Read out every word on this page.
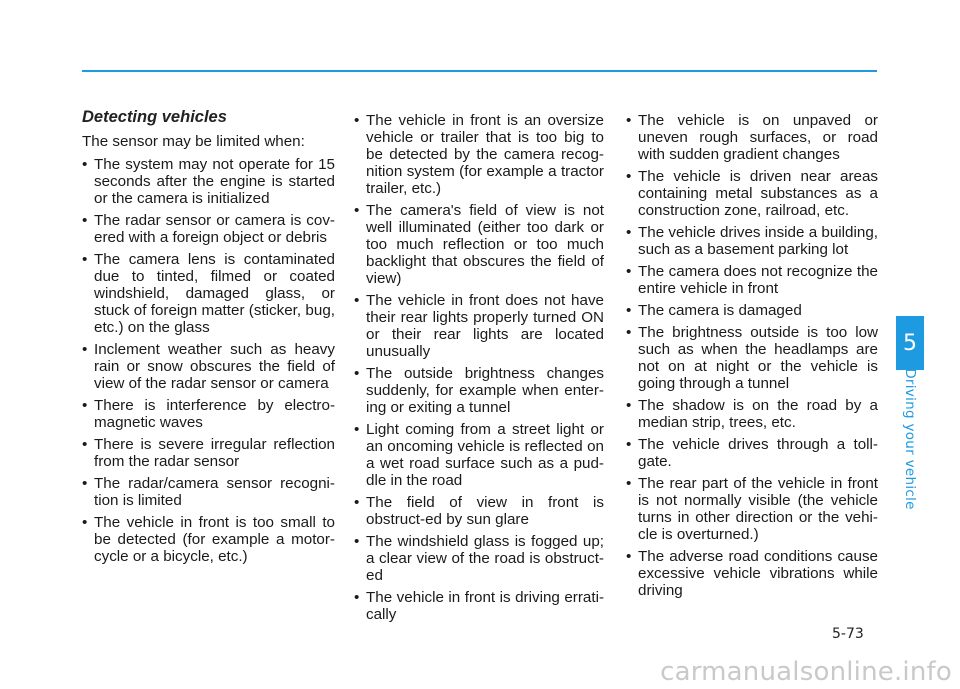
Detecting vehicles

The sensor may be limited when:

• The system may not operate for 15 seconds after the engine is started or the camera is initialized
• The radar sensor or camera is cov-ered with a foreign object or debris
• The camera lens is contaminated due to tinted, filmed or coated windshield, damaged glass, or stuck of foreign matter (sticker, bug, etc.) on the glass
• Inclement weather such as heavy rain or snow obscures the field of view of the radar sensor or camera
• There is interference by electro-magnetic waves
• There is severe irregular reflection from the radar sensor
• The radar/camera sensor recogni-tion is limited
• The vehicle in front is too small to be detected (for example a motor-cycle or a bicycle, etc.)
• The vehicle in front is an oversize vehicle or trailer that is too big to be detected by the camera recog-nition system (for example a tractor trailer, etc.)
• The camera's field of view is not well illuminated (either too dark or too much reflection or too much backlight that obscures the field of view)
• The vehicle in front does not have their rear lights properly turned ON or their rear lights are located unusually
• The outside brightness changes suddenly, for example when enter-ing or exiting a tunnel
• Light coming from a street light or an oncoming vehicle is reflected on a wet road surface such as a pud-dle in the road
• The field of view in front is obstruct-ed by sun glare
• The windshield glass is fogged up; a clear view of the road is obstruct-ed
• The vehicle in front is driving errati-cally
• The vehicle is on unpaved or uneven rough surfaces, or road with sudden gradient changes
• The vehicle is driven near areas containing metal substances as a construction zone, railroad, etc.
• The vehicle drives inside a building, such as a basement parking lot
• The camera does not recognize the entire vehicle in front
• The camera is damaged
• The brightness outside is too low such as when the headlamps are not on at night or the vehicle is going through a tunnel
• The shadow is on the road by a median strip, trees, etc.
• The vehicle drives through a toll-gate.
• The rear part of the vehicle in front is not normally visible (the vehicle turns in other direction or the vehi-cle is overturned.)
• The adverse road conditions cause excessive vehicle vibrations while driving
5
Driving your vehicle
5-73
carmanualsonline.info
